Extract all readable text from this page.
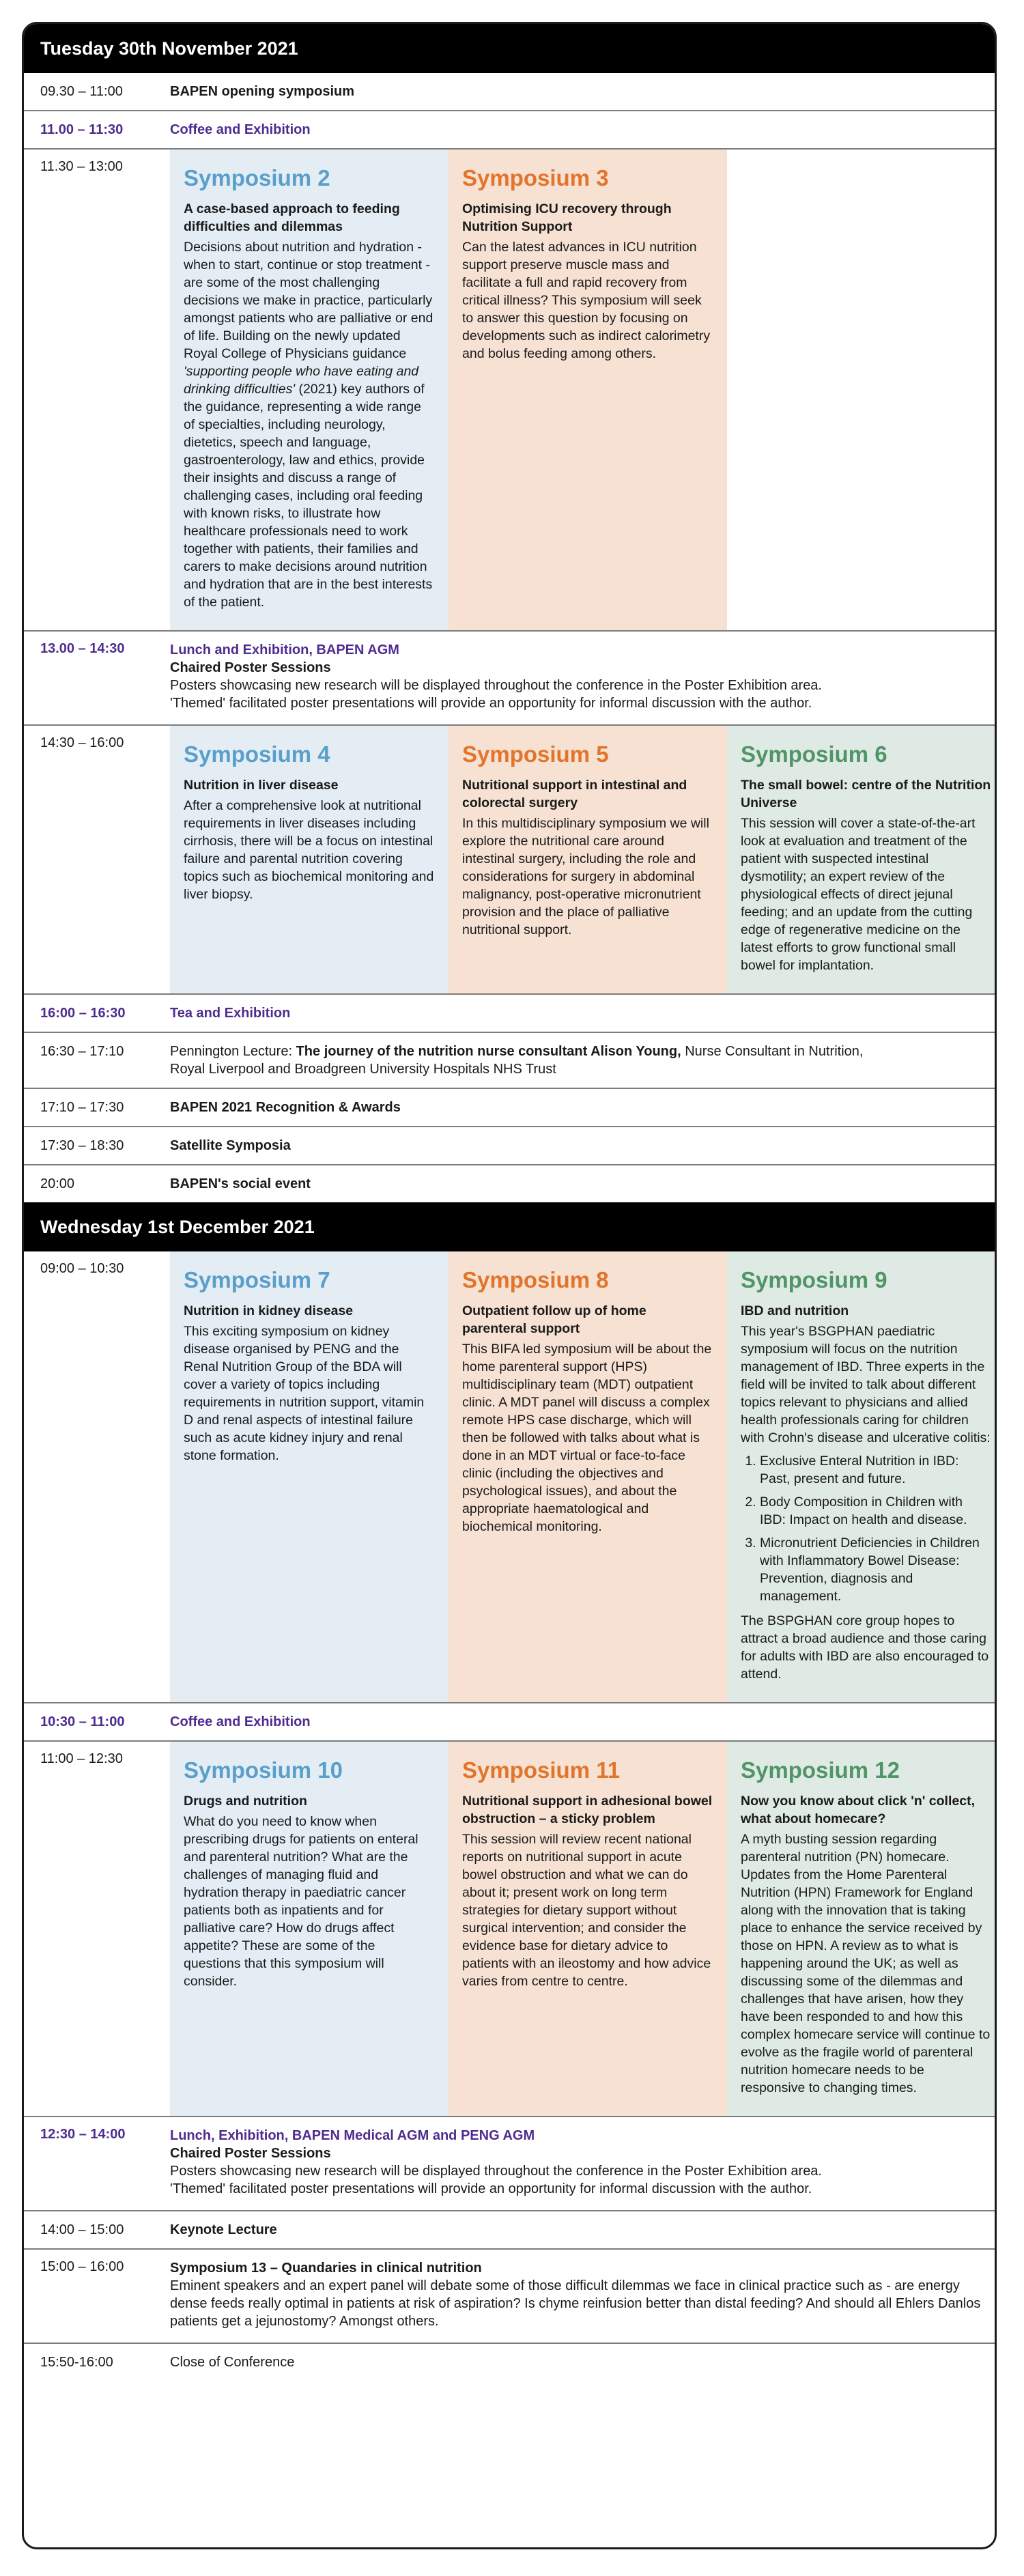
Tuesday 30th November 2021
09.30 – 11:00	BAPEN opening symposium
11.00 – 11:30	Coffee and Exhibition
11.30 – 13:00	Symposium 2
A case-based approach to feeding difficulties and dilemmas

Decisions about nutrition and hydration - when to start, continue or stop treatment - are some of the most challenging decisions we make in practice, particularly amongst patients who are palliative or end of life. Building on the newly updated Royal College of Physicians guidance 'supporting people who have eating and drinking difficulties' (2021) key authors of the guidance, representing a wide range of specialties, including neurology, dietetics, speech and language, gastroenterology, law and ethics, provide their insights and discuss a range of challenging cases, including oral feeding with known risks, to illustrate how healthcare professionals need to work together with patients, their families and carers to make decisions around nutrition and hydration that are in the best interests of the patient.

Symposium 3
Optimising ICU recovery through Nutrition Support

Can the latest advances in ICU nutrition support preserve muscle mass and facilitate a full and rapid recovery from critical illness? This symposium will seek to answer this question by focusing on developments such as indirect calorimetry and bolus feeding among others.

13.00 – 14:30	Lunch and Exhibition, BAPEN AGM
Chaired Poster Sessions
Posters showcasing new research will be displayed throughout the conference in the Poster Exhibition area.
'Themed' facilitated poster presentations will provide an opportunity for informal discussion with the author.
14:30 – 16:00	Symposium 4
Nutrition in liver disease

After a comprehensive look at nutritional requirements in liver diseases including cirrhosis, there will be a focus on intestinal failure and parental nutrition covering topics such as biochemical monitoring and liver biopsy.

Symposium 5
Nutritional support in intestinal and colorectal surgery

In this multidisciplinary symposium we will explore the nutritional care around intestinal surgery, including the role and considerations for surgery in abdominal malignancy, post-operative micronutrient provision and the place of palliative nutritional support.

Symposium 6
The small bowel: centre of the Nutrition Universe

This session will cover a state-of-the-art look at evaluation and treatment of the patient with suspected intestinal dysmotility; an expert review of the physiological effects of direct jejunal feeding; and an update from the cutting edge of regenerative medicine on the latest efforts to grow functional small bowel for implantation.

16:00 – 16:30	Tea and Exhibition
16:30 – 17:10	Pennington Lecture: The journey of the nutrition nurse consultant Alison Young, Nurse Consultant in Nutrition,
Royal Liverpool and Broadgreen University Hospitals NHS Trust
17:10 – 17:30	BAPEN 2021 Recognition & Awards
17:30 – 18:30	Satellite Symposia
20:00	BAPEN's social event
Wednesday 1st December 2021
09:00 – 10:30	Symposium 7
Nutrition in kidney disease

This exciting symposium on kidney disease organised by PENG and the Renal Nutrition Group of the BDA will cover a variety of topics including requirements in nutrition support, vitamin D and renal aspects of intestinal failure such as acute kidney injury and renal stone formation.

Symposium 8
Outpatient follow up of home parenteral support

This BIFA led symposium will be about the home parenteral support (HPS) multidisciplinary team (MDT) outpatient clinic. A MDT panel will discuss a complex remote HPS case discharge, which will then be followed with talks about what is done in an MDT virtual or face-to-face clinic (including the objectives and psychological issues), and about the appropriate haematological and biochemical monitoring.

Symposium 9
IBD and nutrition

This year's BSGPHAN paediatric symposium will focus on the nutrition management of IBD. Three experts in the field will be invited to talk about different topics relevant to physicians and allied health professionals caring for children with Crohn's disease and ulcerative colitis:

1. Exclusive Enteral Nutrition in IBD: Past, present and future.
2. Body Composition in Children with IBD: Impact on health and disease.
3. Micronutrient Deficiencies in Children with Inflammatory Bowel Disease: Prevention, diagnosis and management.

The BSPGHAN core group hopes to attract a broad audience and those caring for adults with IBD are also encouraged to attend.

10:30 – 11:00	Coffee and Exhibition
11:00 – 12:30	Symposium 10
Drugs and nutrition

What do you need to know when prescribing drugs for patients on enteral and parenteral nutrition? What are the challenges of managing fluid and hydration therapy in paediatric cancer patients both as inpatients and for palliative care? How do drugs affect appetite? These are some of the questions that this symposium will consider.

Symposium 11
Nutritional support in adhesional bowel obstruction – a sticky problem

This session will review recent national reports on nutritional support in acute bowel obstruction and what we can do about it; present work on long term strategies for dietary support without surgical intervention; and consider the evidence base for dietary advice to patients with an ileostomy and how advice varies from centre to centre.

Symposium 12
Now you know about click 'n' collect, what about homecare?

A myth busting session regarding parenteral nutrition (PN) homecare. Updates from the Home Parenteral Nutrition (HPN) Framework for England along with the innovation that is taking place to enhance the service received by those on HPN. A review as to what is happening around the UK; as well as discussing some of the dilemmas and challenges that have arisen, how they have been responded to and how this complex homecare service will continue to evolve as the fragile world of parenteral nutrition homecare needs to be responsive to changing times.

12:30 – 14:00	Lunch, Exhibition, BAPEN Medical AGM and PENG AGM
Chaired Poster Sessions
Posters showcasing new research will be displayed throughout the conference in the Poster Exhibition area.
'Themed' facilitated poster presentations will provide an opportunity for informal discussion with the author.
14:00 – 15:00	Keynote Lecture
15:00 – 16:00	Symposium 13 – Quandaries in clinical nutrition
Eminent speakers and an expert panel will debate some of those difficult dilemmas we face in clinical practice such as - are energy dense feeds really optimal in patients at risk of aspiration? Is chyme reinfusion better than distal feeding? And should all Ehlers Danlos patients get a jejunostomy? Amongst others.
15:50-16:00	Close of Conference
